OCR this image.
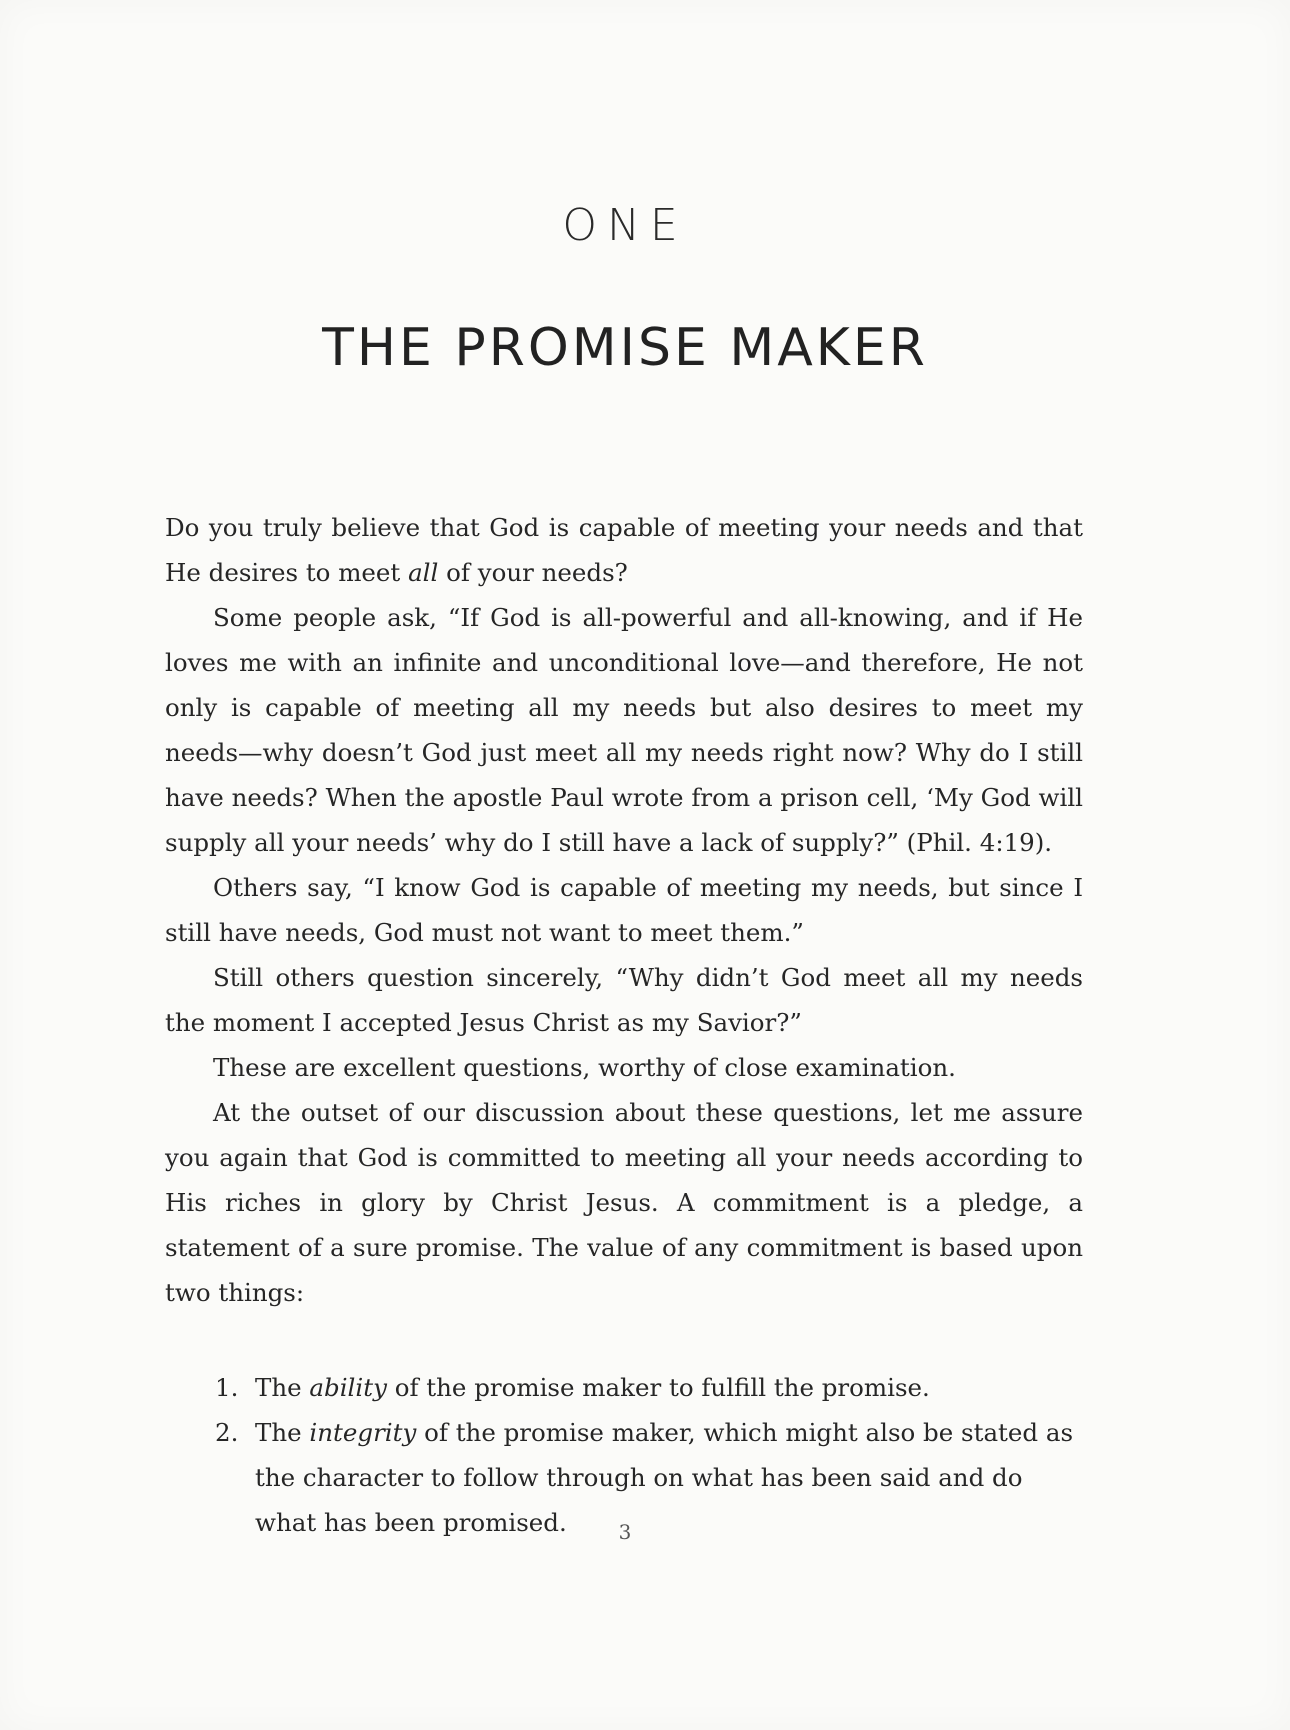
ONE
THE PROMISE MAKER

Do you truly believe that God is capable of meeting your needs and that He desires to meet all of your needs?

Some people ask, “If God is all-powerful and all-knowing, and if He loves me with an infinite and unconditional love—and therefore, He not only is capable of meeting all my needs but also desires to meet my needs—why doesn’t God just meet all my needs right now? Why do I still have needs? When the apostle Paul wrote from a prison cell, ‘My God will supply all your needs’ why do I still have a lack of supply?” (Phil. 4:19).

Others say, “I know God is capable of meeting my needs, but since I still have needs, God must not want to meet them.”

Still others question sincerely, “Why didn’t God meet all my needs the moment I accepted Jesus Christ as my Savior?”

These are excellent questions, worthy of close examination.

At the outset of our discussion about these questions, let me assure you again that God is committed to meeting all your needs according to His riches in glory by Christ Jesus. A commitment is a pledge, a statement of a sure promise. The value of any commitment is based upon two things:

1. The ability of the promise maker to fulfill the promise.
2. The integrity of the promise maker, which might also be stated as the character to follow through on what has been said and do what has been promised.	3
